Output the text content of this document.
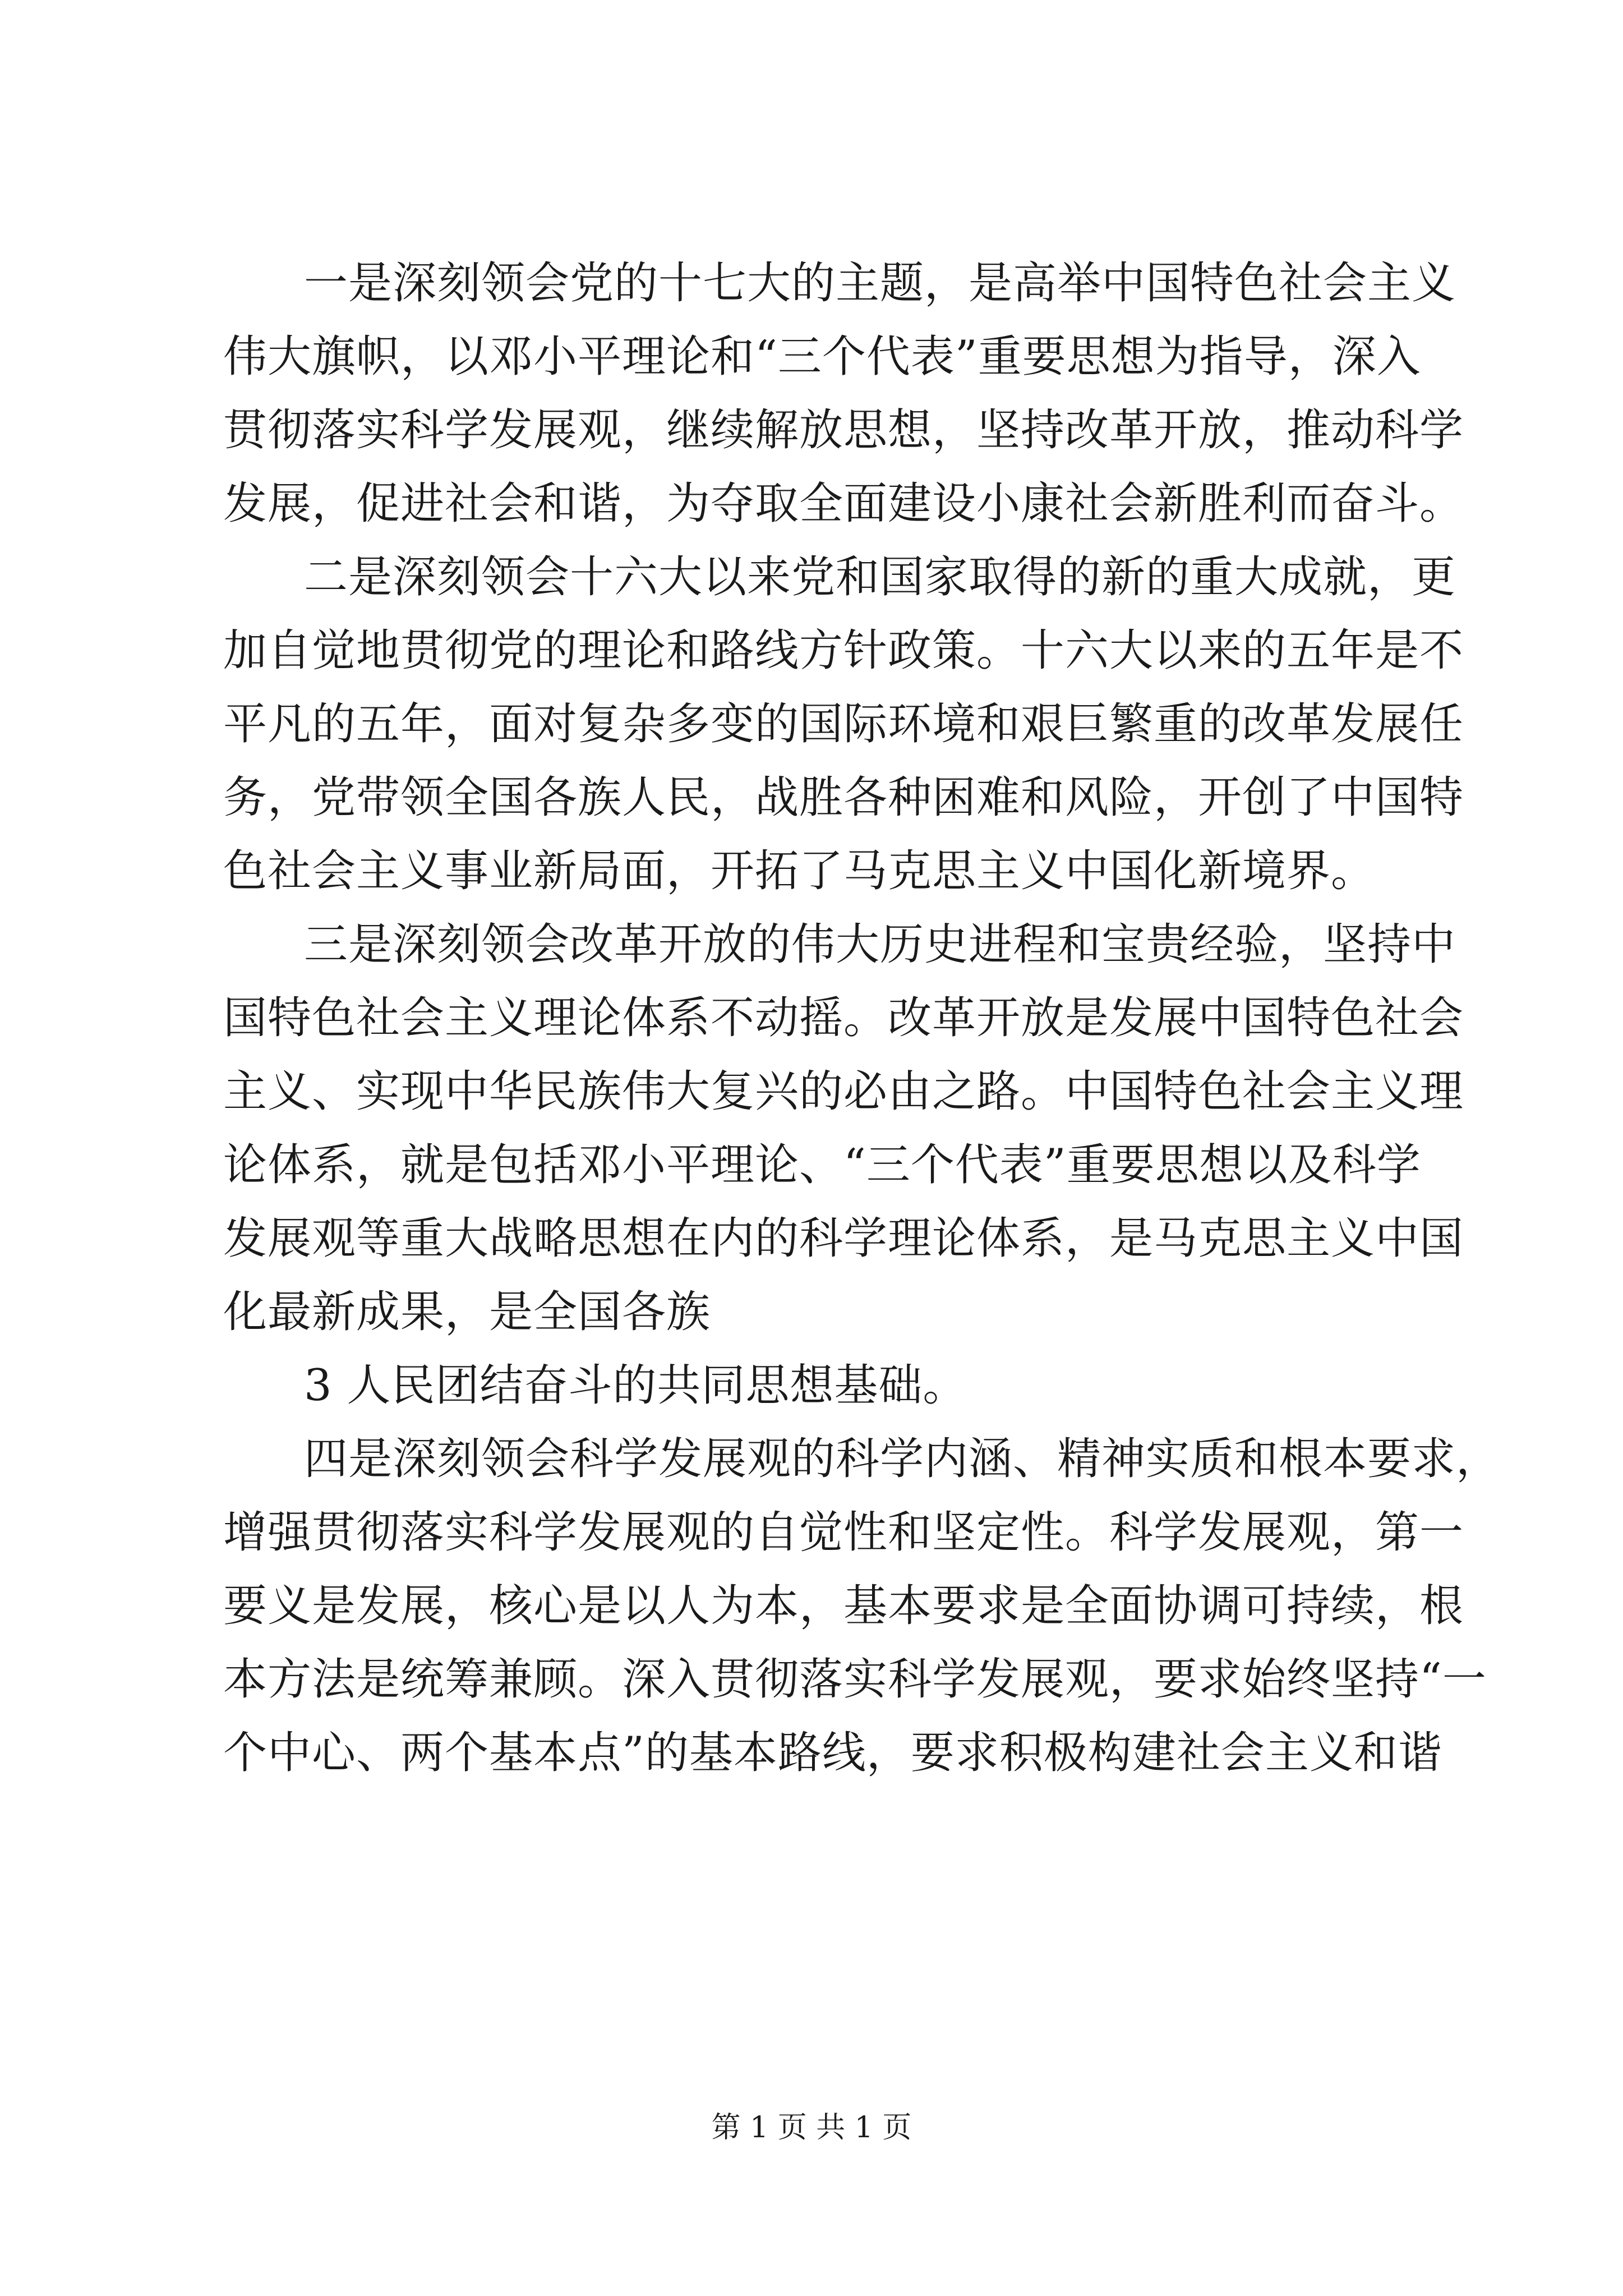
一是深刻领会党的十七大的主题，是高举中国特色社会主义
伟大旗帜，以邓小平理论和“三个代表”重要思想为指导，深入
贯彻落实科学发展观，继续解放思想，坚持改革开放，推动科学
发展，促进社会和谐，为夺取全面建设小康社会新胜利而奋斗。
二是深刻领会十六大以来党和国家取得的新的重大成就，更
加自觉地贯彻党的理论和路线方针政策。十六大以来的五年是不
平凡的五年，面对复杂多变的国际环境和艰巨繁重的改革发展任
务，党带领全国各族人民，战胜各种困难和风险，开创了中国特
色社会主义事业新局面，开拓了马克思主义中国化新境界。
三是深刻领会改革开放的伟大历史进程和宝贵经验，坚持中
国特色社会主义理论体系不动摇。改革开放是发展中国特色社会
主义、实现中华民族伟大复兴的必由之路。中国特色社会主义理
论体系，就是包括邓小平理论、“三个代表”重要思想以及科学
发展观等重大战略思想在内的科学理论体系，是马克思主义中国
化最新成果，是全国各族
3 人民团结奋斗的共同思想基础。
四是深刻领会科学发展观的科学内涵、精神实质和根本要求，
增强贯彻落实科学发展观的自觉性和坚定性。科学发展观，第一
要义是发展，核心是以人为本，基本要求是全面协调可持续，根
本方法是统筹兼顾。深入贯彻落实科学发展观，要求始终坚持“一
个中心、两个基本点”的基本路线，要求积极构建社会主义和谐
第 1 页 共 1 页
